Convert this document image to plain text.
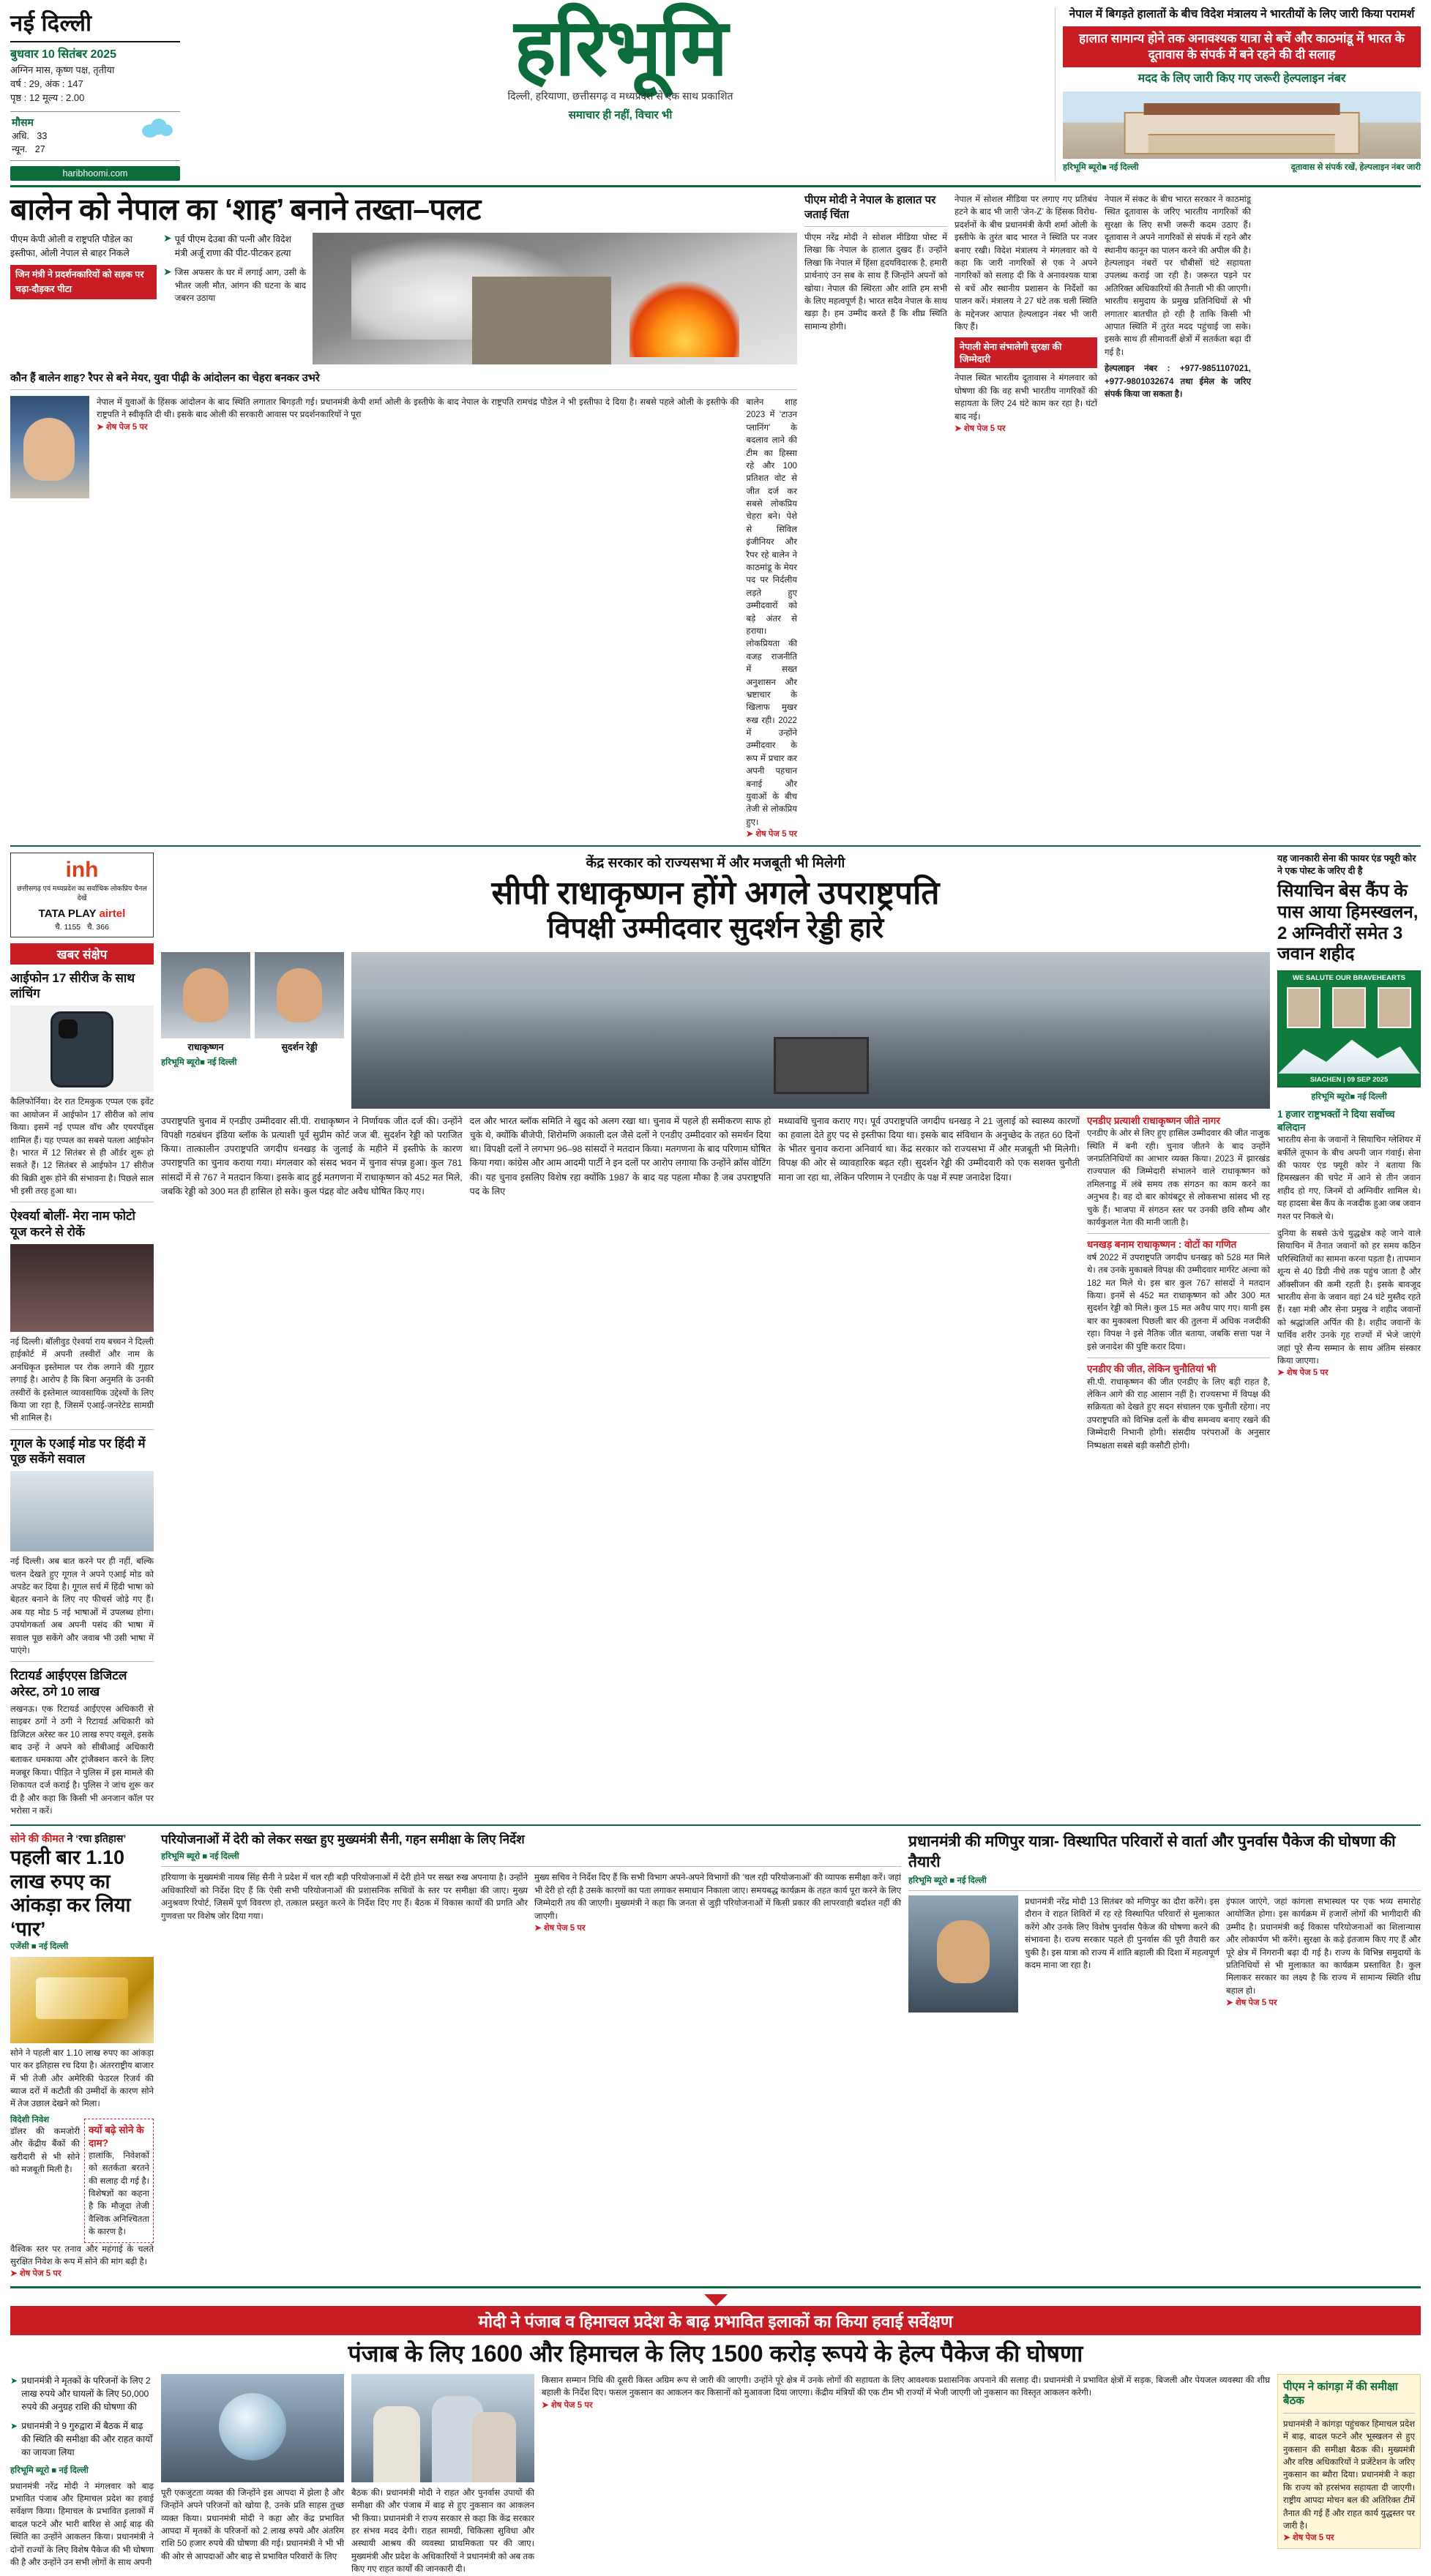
नई दिल्ली
बुधवार 10 सितंबर 2025
अग्निन मास, कृष्ण पक्ष, तृतीया
वर्ष : 29, अंक : 147
पृष्ठ : 12 मूल्य : 2.00
मौसम
अधि. 33
न्यून. 27
haribhoomi.com
हरिभूमि
दिल्ली, हरियाणा, छत्तीसगढ़ व मध्यप्रदेश से एक साथ प्रकाशित
समाचार ही नहीं, विचार भी
नेपाल में बिगड़ते हालातों के बीच विदेश मंत्रालय ने भारतीयों के लिए जारी किया परामर्श
हालात सामान्य होने तक अनावश्यक यात्रा से बचें और काठमांडू में भारत के दूतावास के संपर्क में बने रहने की दी सलाह
मदद के लिए जारी किए गए जरूरी हेल्पलाइन नंबर
हरिभूमि ब्यूरो■ नई दिल्ली	दूतावास से संपर्क रखें, हेल्पलाइन नंबर जारी
बालेन को नेपाल का ‘शाह’ बनाने तख्ता–पलट
पीएम केपी ओली व राष्ट्रपति पौडेल का इस्तीफा, ओली नेपाल से बाहर निकले
जिन मंत्री ने प्रदर्शनकारियों को सड़क पर चढ़ा-दौड़कर पीटा
➤ पूर्व पीएम देउबा की पत्नी और विदेश मंत्री अर्जू राणा की पीट-पीटकर हत्या
➤ जिस अफसर के घर में लगाई आग, उसी के भीतर जली मौत, आंगन की घटना के बाद जबरन उठाया
कौन हैं बालेन शाह? रैपर से बने मेयर, युवा पीढ़ी के आंदोलन का चेहरा बनकर उभरे
नेपाल में युवाओं के हिंसक आंदोलन के बाद स्थिति लगातार बिगड़ती गई। प्रधानमंत्री केपी शर्मा ओली के इस्तीफे के बाद नेपाल के राष्ट्रपति रामचंद्र पौडेल ने भी इस्तीफा दे दिया है। सबसे पहले ओली के इस्तीफे की राष्ट्रपति ने स्वीकृति दी थी। इसके बाद ओली की सरकारी आवास पर प्रदर्शनकारियों ने पूरा
➤ शेष पेज 5 पर
बालेन शाह 2023 में ‘टाउन प्लानिंग’ के बदलाव लाने की टीम का हिस्सा रहे और 100 प्रतिशत वोट से जीत दर्ज कर सबसे लोकप्रिय चेहरा बने। पेशे से सिविल इंजीनियर और रैपर रहे बालेन ने काठमांडू के मेयर पद पर निर्दलीय लड़ते हुए उम्मीदवारों को बड़े अंतर से हराया। लोकप्रियता की वजह राजनीति में सख्त अनुशासन और भ्रष्टाचार के खिलाफ मुखर रुख रही। 2022 में उन्होंने उम्मीदवार के रूप में प्रचार कर अपनी पहचान बनाई और युवाओं के बीच तेजी से लोकप्रिय हुए।
➤ शेष पेज 5 पर
पीएम मोदी ने नेपाल के हालात पर जताई चिंता
पीएम नरेंद्र मोदी ने सोशल मीडिया पोस्ट में लिखा कि नेपाल के हालात दुखद हैं। उन्होंने लिखा कि नेपाल में हिंसा हृदयविदारक है, हमारी प्रार्थनाएं उन सब के साथ हैं जिन्होंने अपनों को खोया। नेपाल की स्थिरता और शांति हम सभी के लिए महत्वपूर्ण है। भारत सदैव नेपाल के साथ खड़ा है। हम उम्मीद करते हैं कि शीघ्र स्थिति सामान्य होगी।
नेपाल में सोशल मीडिया पर लगाए गए प्रतिबंध हटने के बाद भी जारी ‘जेन-Z’ के हिंसक विरोध-प्रदर्शनों के बीच प्रधानमंत्री केपी शर्मा ओली के इस्तीफे के तुरंत बाद भारत ने स्थिति पर नजर बनाए रखी। विदेश मंत्रालय ने मंगलवार को ये कहा कि जारी नागरिकों से एक ने अपने नागरिकों को सलाह दी कि वे अनावश्यक यात्रा से बचें और स्थानीय प्रशासन के निर्देशों का पालन करें। मंत्रालय ने 27 घंटे तक चली स्थिति के मद्देनजर आपात हेल्पलाइन नंबर भी जारी किए हैं।
नेपाली सेना संभालेगी सुरक्षा की जिम्मेदारी
नेपाल स्थित भारतीय दूतावास ने मंगलवार को घोषणा की कि वह सभी भारतीय नागरिकों की सहायता के लिए 24 घंटे काम कर रहा है। घंटों बाद नई।
➤ शेष पेज 5 पर
नेपाल में संकट के बीच भारत सरकार ने काठमांडू स्थित दूतावास के जरिए भारतीय नागरिकों की सुरक्षा के लिए सभी जरूरी कदम उठाए हैं। दूतावास ने अपने नागरिकों से संपर्क में रहने और स्थानीय कानून का पालन करने की अपील की है। हेल्पलाइन नंबरों पर चौबीसों घंटे सहायता उपलब्ध कराई जा रही है। जरूरत पड़ने पर अतिरिक्त अधिकारियों की तैनाती भी की जाएगी। भारतीय समुदाय के प्रमुख प्रतिनिधियों से भी लगातार बातचीत हो रही है ताकि किसी भी आपात स्थिति में तुरंत मदद पहुंचाई जा सके। इसके साथ ही सीमावर्ती क्षेत्रों में सतर्कता बढ़ा दी गई है।
हेल्पलाइन नंबर : +977-9851107021, +977-9801032674 तथा ईमेल के जरिए संपर्क किया जा सकता है।
inh
छत्तीसगढ़ एवं मध्यप्रदेश का सर्वाधिक लोकप्रिय चैनल देखें
TATA PLAY airtel
चै. 1155 चै. 366
खबर संक्षेप
आईफोन 17 सीरीज के साथ लांचिंग
कैलिफोर्निया। देर रात टिमकुक एप्पल एक इवेंट का आयोजन में आईफोन 17 सीरीज को लांच किया। इसमें नई एप्पल वॉच और एयरपॉड्स शामिल हैं। यह एप्पल का सबसे पतला आईफोन है। भारत में 12 सितंबर से ही ऑर्डर शुरू हो सकते हैं। 12 सितंबर से आईफोन 17 सीरीज की बिक्री शुरू होने की संभावना है। पिछले साल भी इसी तरह हुआ था।
ऐश्वर्या बोलीं- मेरा नाम फोटो यूज करने से रोकें
नई दिल्ली। बॉलीवुड ऐश्वर्या राय बच्चन ने दिल्ली हाईकोर्ट में अपनी तस्वीरों और नाम के अनधिकृत इस्तेमाल पर रोक लगाने की गुहार लगाई है। आरोप है कि बिना अनुमति के उनकी तस्वीरों के इस्तेमाल व्यावसायिक उद्देश्यों के लिए किया जा रहा है, जिसमें एआई-जनरेटेड सामग्री भी शामिल है।
गूगल के एआई मोड पर हिंदी में पूछ सकेंगे सवाल
नई दिल्ली। अब बात करने पर ही नहीं, बल्कि चलन देखते हुए गूगल ने अपने एआई मोड को अपडेट कर दिया है। गूगल सर्च में हिंदी भाषा को बेहतर बनाने के लिए नए फीचर्स जोड़े गए हैं। अब यह मोड 5 नई भाषाओं में उपलब्ध होगा। उपयोगकर्ता अब अपनी पसंद की भाषा में सवाल पूछ सकेंगे और जवाब भी उसी भाषा में पाएंगे।
रिटायर्ड आईएएस डिजिटल अरेस्ट, ठगे 10 लाख
लखनऊ। एक रिटायर्ड आईएएस अधिकारी से साइबर ठगों ने ठगी ने रिटायर्ड अधिकारी को डिजिटल अरेस्ट कर 10 लाख रुपए वसूले, इसके बाद उन्हें ने अपने को सीबीआई अधिकारी बताकर धमकाया और ट्रांजैक्शन करने के लिए मजबूर किया। पीड़ित ने पुलिस में इस मामले की शिकायत दर्ज कराई है। पुलिस ने जांच शुरू कर दी है और कहा कि किसी भी अनजान कॉल पर भरोसा न करें।
केंद्र सरकार को राज्यसभा में और मजबूती भी मिलेगी
सीपी राधाकृष्णन होंगे अगले उपराष्ट्रपति
विपक्षी उम्मीदवार सुदर्शन रेड्डी हारे
राधाकृष्णन	सुदर्शन रेड्डी
हरिभूमि ब्यूरो■ नई दिल्ली
उपराष्ट्रपति चुनाव में एनडीए उम्मीदवार सी.पी. राधाकृष्णन ने निर्णायक जीत दर्ज की। उन्होंने विपक्षी गठबंधन इंडिया ब्लॉक के प्रत्याशी पूर्व सुप्रीम कोर्ट जज बी. सुदर्शन रेड्डी को पराजित किया। तात्कालीन उपराष्ट्रपति जगदीप धनखड़ के जुलाई के महीने में इस्तीफे के कारण उपराष्ट्रपति का चुनाव कराया गया। मंगलवार को संसद भवन में चुनाव संपन्न हुआ। कुल 781 सांसदों में से 767 ने मतदान किया। इसके बाद हुई मतगणना में राधाकृष्णन को 452 मत मिले, जबकि रेड्डी को 300 मत ही हासिल हो सके। कुल पंद्रह वोट अवैध घोषित किए गए।
दल और भारत ब्लॉक समिति ने खुद को अलग रखा था। चुनाव में पहले ही समीकरण साफ हो चुके थे, क्योंकि बीजेपी, शिरोमणि अकाली दल जैसे दलों ने एनडीए उम्मीदवार को समर्थन दिया था। विपक्षी दलों ने लगभग 96–98 सांसदों ने मतदान किया। मतगणना के बाद परिणाम घोषित किया गया। कांग्रेस और आम आदमी पार्टी ने इन दलों पर आरोप लगाया कि उन्होंने क्रॉस वोटिंग की। यह चुनाव इसलिए विशेष रहा क्योंकि 1987 के बाद यह पहला मौका है जब उपराष्ट्रपति पद के लिए
मध्यावधि चुनाव कराए गए। पूर्व उपराष्ट्रपति जगदीप धनखड़ ने 21 जुलाई को स्वास्थ्य कारणों का हवाला देते हुए पद से इस्तीफा दिया था। इसके बाद संविधान के अनुच्छेद के तहत 60 दिनों के भीतर चुनाव कराना अनिवार्य था। केंद्र सरकार को राज्यसभा में और मजबूती भी मिलेगी। विपक्ष की ओर से व्यावहारिक बढ़त रही। सुदर्शन रेड्डी की उम्मीदवारी को एक सशक्त चुनौती माना जा रहा था, लेकिन परिणाम ने एनडीए के पक्ष में स्पष्ट जनादेश दिया।
एनडीए प्रत्याशी राधाकृष्णन जीते नागर
एनडीए के ओर से लिए हुए हासिल उम्मीदवार की जीत नाजुक स्थिति में बनी रही। चुनाव जीतने के बाद उन्होंने जनप्रतिनिधियों का आभार व्यक्त किया। 2023 में झारखंड राज्यपाल की जिम्मेदारी संभालने वाले राधाकृष्णन को तमिलनाडु में लंबे समय तक संगठन का काम करने का अनुभव है। वह दो बार कोयंबटूर से लोकसभा सांसद भी रह चुके हैं। भाजपा में संगठन स्तर पर उनकी छवि सौम्य और कार्यकुशल नेता की मानी जाती है।
धनखड़ बनाम राधाकृष्णन : वोटों का गणित
वर्ष 2022 में उपराष्ट्रपति जगदीप धनखड़ को 528 मत मिले थे। तब उनके मुकाबले विपक्ष की उम्मीदवार मार्गरेट अल्वा को 182 मत मिले थे। इस बार कुल 767 सांसदों ने मतदान किया। इनमें से 452 मत राधाकृष्णन को और 300 मत सुदर्शन रेड्डी को मिले। कुल 15 मत अवैध पाए गए। यानी इस बार का मुकाबला पिछली बार की तुलना में अधिक नजदीकी रहा। विपक्ष ने इसे नैतिक जीत बताया, जबकि सत्ता पक्ष ने इसे जनादेश की पुष्टि करार दिया।
एनडीए की जीत, लेकिन चुनौतियां भी
सी.पी. राधाकृष्णन की जीत एनडीए के लिए बड़ी राहत है, लेकिन आगे की राह आसान नहीं है। राज्यसभा में विपक्ष की सक्रियता को देखते हुए सदन संचालन एक चुनौती रहेगा। नए उपराष्ट्रपति को विभिन्न दलों के बीच समन्वय बनाए रखने की जिम्मेदारी निभानी होगी। संसदीय परंपराओं के अनुसार निष्पक्षता सबसे बड़ी कसौटी होगी।
यह जानकारी सेना की फायर एंड फ्यूरी कोर ने एक पोस्ट के जरिए दी है
सियाचिन बेस कैंप के पास आया हिमस्खलन, 2 अग्निवीरों समेत 3 जवान शहीद
WE SALUTE OUR BRAVEHEARTS
SIACHEN | 09 SEP 2025
हरिभूमि ब्यूरो■ नई दिल्ली
1 हजार राष्ट्रभक्तों ने दिया सर्वोच्च बलिदान
भारतीय सेना के जवानों ने सियाचिन ग्लेशियर में बर्फीले तूफान के बीच अपनी जान गंवाई। सेना की फायर एंड फ्यूरी कोर ने बताया कि हिमस्खलन की चपेट में आने से तीन जवान शहीद हो गए, जिनमें दो अग्निवीर शामिल थे। यह हादसा बेस कैंप के नजदीक हुआ जब जवान गश्त पर निकले थे।
दुनिया के सबसे ऊंचे युद्धक्षेत्र कहे जाने वाले सियाचिन में तैनात जवानों को हर समय कठिन परिस्थितियों का सामना करना पड़ता है। तापमान शून्य से 40 डिग्री नीचे तक पहुंच जाता है और ऑक्सीजन की कमी रहती है। इसके बावजूद भारतीय सेना के जवान वहां 24 घंटे मुस्तैद रहते हैं। रक्षा मंत्री और सेना प्रमुख ने शहीद जवानों को श्रद्धांजलि अर्पित की है। शहीद जवानों के पार्थिव शरीर उनके गृह राज्यों में भेजे जाएंगे जहां पूरे सैन्य सम्मान के साथ अंतिम संस्कार किया जाएगा।
➤ शेष पेज 5 पर
सोने की कीमत ने ‘रचा इतिहास’
पहली बार 1.10 लाख रुपए का आंकड़ा कर लिया ‘पार’
एजेंसी ■ नई दिल्ली
सोने ने पहली बार 1.10 लाख रुपए का आंकड़ा पार कर इतिहास रच दिया है। अंतरराष्ट्रीय बाजार में भी तेजी और अमेरिकी फेडरल रिजर्व की ब्याज दरों में कटौती की उम्मीदों के कारण सोने में तेज उछाल देखने को मिला।
विदेशी निवेश
डॉलर की कमजोरी और केंद्रीय बैंकों की खरीदारी से भी सोने को मजबूती मिली है।
क्यों बढ़े सोने के दाम?
हालांकि, निवेशकों को सतर्कता बरतने की सलाह दी गई है। विशेषज्ञों का कहना है कि मौजूदा तेजी वैश्विक अनिश्चितता के कारण है।
वैश्विक स्तर पर तनाव और महंगाई के चलते सुरक्षित निवेश के रूप में सोने की मांग बढ़ी है।
➤ शेष पेज 5 पर
परियोजनाओं में देरी को लेकर सख्त हुए मुख्यमंत्री सैनी, गहन समीक्षा के लिए निर्देश
हरिभूमि ब्यूरो ■ नई दिल्ली
हरियाणा के मुख्यमंत्री नायब सिंह सैनी ने प्रदेश में चल रही बड़ी परियोजनाओं में देरी होने पर सख्त रुख अपनाया है। उन्होंने अधिकारियों को निर्देश दिए हैं कि ऐसी सभी परियोजनाओं की प्रशासनिक सचिवों के स्तर पर समीक्षा की जाए। मुख्य अनुश्रवण रिपोर्ट, जिसमें पूर्ण विवरण हो, तत्काल प्रस्तुत करने के निर्देश दिए गए हैं। बैठक में विकास कार्यों की प्रगति और गुणवत्ता पर विशेष जोर दिया गया।
मुख्य सचिव ने निर्देश दिए हैं कि सभी विभाग अपने-अपने विभागों की ‘चल रही परियोजनाओं’ की व्यापक समीक्षा करें। जहां भी देरी हो रही है उसके कारणों का पता लगाकर समाधान निकाला जाए। समयबद्ध कार्यक्रम के तहत कार्य पूरा करने के लिए जिम्मेदारी तय की जाएगी। मुख्यमंत्री ने कहा कि जनता से जुड़ी परियोजनाओं में किसी प्रकार की लापरवाही बर्दाश्त नहीं की जाएगी।
➤ शेष पेज 5 पर
प्रधानमंत्री की मणिपुर यात्रा- विस्थापित परिवारों से वार्ता और पुनर्वास पैकेज की घोषणा की तैयारी
हरिभूमि ब्यूरो ■ नई दिल्ली
प्रधानमंत्री नरेंद्र मोदी 13 सितंबर को मणिपुर का दौरा करेंगे। इस दौरान वे राहत शिविरों में रह रहे विस्थापित परिवारों से मुलाकात करेंगे और उनके लिए विशेष पुनर्वास पैकेज की घोषणा करने की संभावना है। राज्य सरकार पहले ही पुनर्वास की पूरी तैयारी कर चुकी है। इस यात्रा को राज्य में शांति बहाली की दिशा में महत्वपूर्ण कदम माना जा रहा है।
इंफाल जाएंगे, जहां कांगला सभास्थल पर एक भव्य समारोह आयोजित होगा। इस कार्यक्रम में हजारों लोगों की भागीदारी की उम्मीद है। प्रधानमंत्री कई विकास परियोजनाओं का शिलान्यास और लोकार्पण भी करेंगे। सुरक्षा के कड़े इंतजाम किए गए हैं और पूरे क्षेत्र में निगरानी बढ़ा दी गई है। राज्य के विभिन्न समुदायों के प्रतिनिधियों से भी मुलाकात का कार्यक्रम प्रस्तावित है। कुल मिलाकर सरकार का लक्ष्य है कि राज्य में सामान्य स्थिति शीघ्र बहाल हो।
➤ शेष पेज 5 पर
मोदी ने पंजाब व हिमाचल प्रदेश के बाढ़ प्रभावित इलाकों का किया हवाई सर्वेक्षण
पंजाब के लिए 1600 और हिमाचल के लिए 1500 करोड़ रूपये के हेल्प पैकेज की घोषणा
➤ प्रधानमंत्री ने मृतकों के परिजनों के लिए 2 लाख रुपये और घायलों के लिए 50,000 रुपये की अनुग्रह राशि की घोषणा की
➤ प्रधानमंत्री ने 9 गुरुद्वारा में बैठक में बाढ़ की स्थिति की समीक्षा की और राहत कार्यों का जायजा लिया
हरिभूमि ब्यूरो ■ नई दिल्ली
प्रधानमंत्री नरेंद्र मोदी ने मंगलवार को बाढ़ प्रभावित पंजाब और हिमाचल प्रदेश का हवाई सर्वेक्षण किया। हिमाचल के प्रभावित इलाकों में बादल फटने और भारी बारिश से आई बाढ़ की स्थिति का उन्होंने आकलन किया। प्रधानमंत्री ने दोनों राज्यों के लिए विशेष पैकेज की भी घोषणा की है और उन्होंने उन सभी लोगों के साथ अपनी
पूरी एकजुटता व्यक्त की जिन्होंने इस आपदा में झेला है और जिन्होंने अपने परिजनों को खोया है, उनके प्रति साहस तुच्छ व्यक्त किया। प्रधानमंत्री मोदी ने कहा और केंद्र प्रभावित आपदा में मृतकों के परिजनों को 2 लाख रुपये और अंतरिम राशि 50 हजार रुपये की घोषणा की गई। प्रधानमंत्री ने भी भी की ओर से आपदाओं और बाढ़ से प्रभावित परिवारों के लिए
बैठक की। प्रधानमंत्री मोदी ने राहत और पुनर्वास उपायों की समीक्षा की और पंजाब में बाढ़ से हुए नुकसान का आकलन भी किया। प्रधानमंत्री ने राज्य सरकार से कहा कि केंद्र सरकार हर संभव मदद देगी। राहत सामग्री, चिकित्सा सुविधा और अस्थायी आश्रय की व्यवस्था प्राथमिकता पर की जाए। मुख्यमंत्री और प्रदेश के अधिकारियों ने प्रधानमंत्री को अब तक किए गए राहत कार्यों की जानकारी दी।
किसान सम्मान निधि की दूसरी किस्त अग्रिम रूप से जारी की जाएगी। उन्होंने पूरे क्षेत्र में उनके लोगों की सहायता के लिए आवश्यक प्रशासनिक अपनाने की सलाह दी। प्रधानमंत्री ने प्रभावित क्षेत्रों में सड़क, बिजली और पेयजल व्यवस्था की शीघ्र बहाली के निर्देश दिए। फसल नुकसान का आकलन कर किसानों को मुआवजा दिया जाएगा। केंद्रीय मंत्रियों की एक टीम भी राज्यों में भेजी जाएगी जो नुकसान का विस्तृत आकलन करेगी।
➤ शेष पेज 5 पर
पीएम ने कांगड़ा में की समीक्षा बैठक
प्रधानमंत्री ने कांगड़ा पहुंचकर हिमाचल प्रदेश में बाढ़, बादल फटने और भूस्खलन से हुए नुकसान की समीक्षा बैठक की। मुख्यमंत्री और वरिष्ठ अधिकारियों ने प्रजेंटेशन के जरिए नुकसान का ब्यौरा दिया। प्रधानमंत्री ने कहा कि राज्य को हरसंभव सहायता दी जाएगी। राष्ट्रीय आपदा मोचन बल की अतिरिक्त टीमें तैनात की गई हैं और राहत कार्य युद्धस्तर पर जारी है।
➤ शेष पेज 5 पर
